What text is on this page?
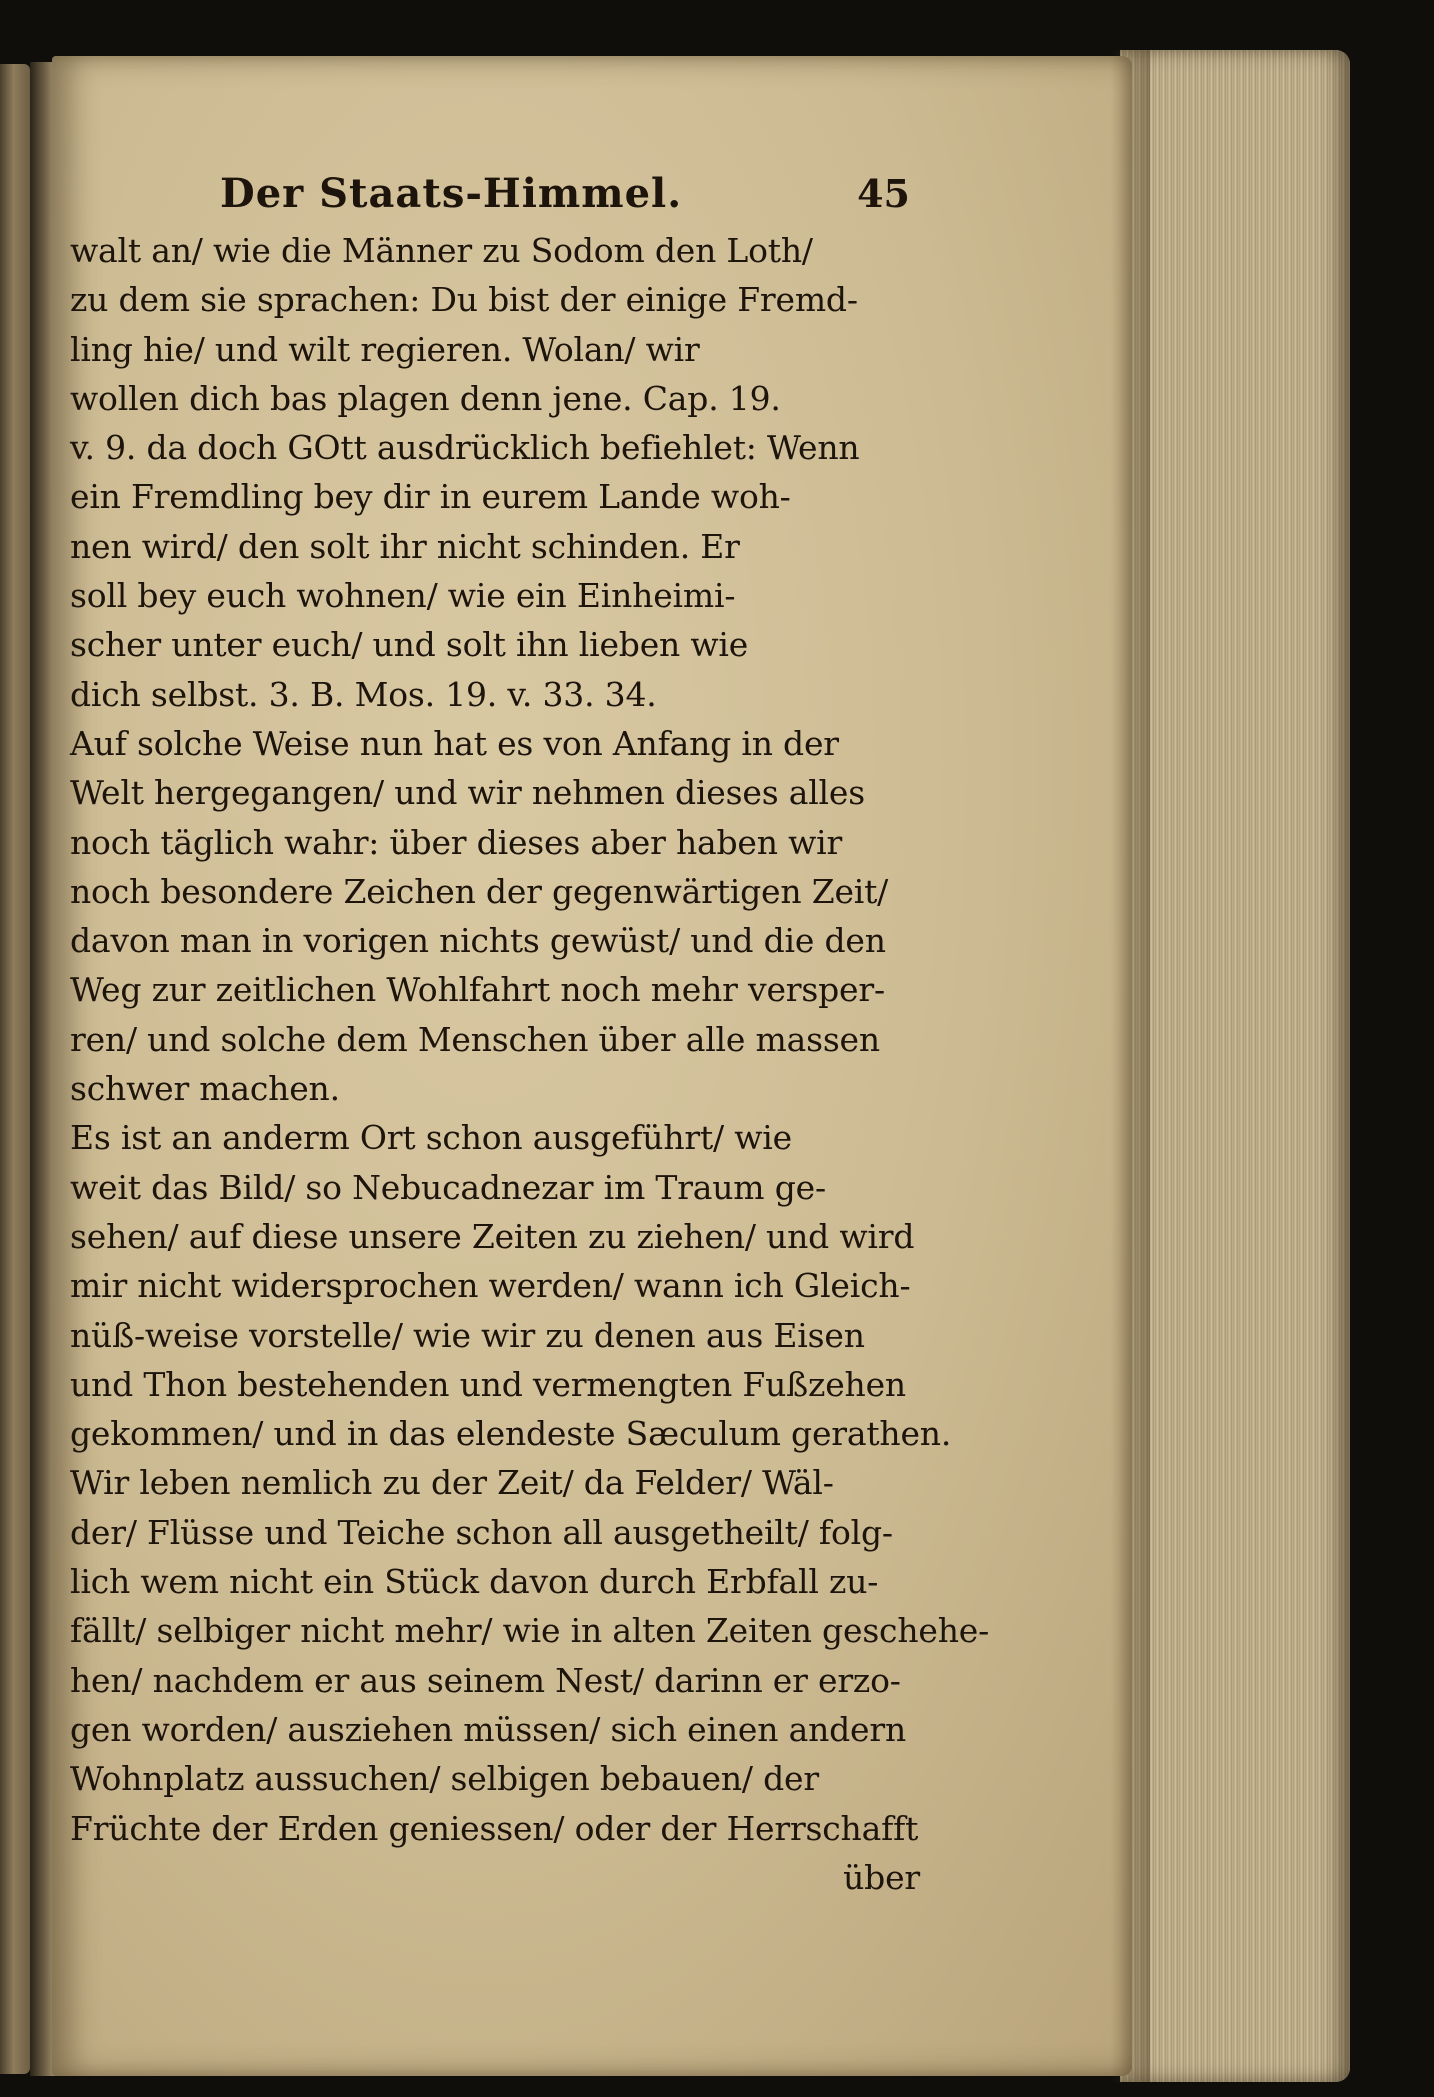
Der Staats-Himmel.	45
walt an/ wie die Männer zu Sodom den Loth/
zu dem sie sprachen: Du bist der einige Fremd-
ling hie/ und wilt regieren. Wolan/ wir
wollen dich bas plagen denn jene. Cap. 19.
v. 9. da doch GOtt ausdrücklich befiehlet: Wenn
ein Fremdling bey dir in eurem Lande woh-
nen wird/ den solt ihr nicht schinden. Er
soll bey euch wohnen/ wie ein Einheimi-
scher unter euch/ und solt ihn lieben wie
dich selbst. 3. B. Mos. 19. v. 33. 34.
Auf solche Weise nun hat es von Anfang in der
Welt hergegangen/ und wir nehmen dieses alles
noch täglich wahr: über dieses aber haben wir
noch besondere Zeichen der gegenwärtigen Zeit/
davon man in vorigen nichts gewüst/ und die den
Weg zur zeitlichen Wohlfahrt noch mehr versper-
ren/ und solche dem Menschen über alle massen
schwer machen.
Es ist an anderm Ort schon ausgeführt/ wie
weit das Bild/ so Nebucadnezar im Traum ge-
sehen/ auf diese unsere Zeiten zu ziehen/ und wird
mir nicht widersprochen werden/ wann ich Gleich-
nüß-weise vorstelle/ wie wir zu denen aus Eisen
und Thon bestehenden und vermengten Fußzehen
gekommen/ und in das elendeste Sæculum gerathen.
Wir leben nemlich zu der Zeit/ da Felder/ Wäl-
der/ Flüsse und Teiche schon all ausgetheilt/ folg-
lich wem nicht ein Stück davon durch Erbfall zu-
fällt/ selbiger nicht mehr/ wie in alten Zeiten geschehe-
hen/ nachdem er aus seinem Nest/ darinn er erzo-
gen worden/ ausziehen müssen/ sich einen andern
Wohnplatz aussuchen/ selbigen bebauen/ der
Früchte der Erden geniessen/ oder der Herrschafft
über
